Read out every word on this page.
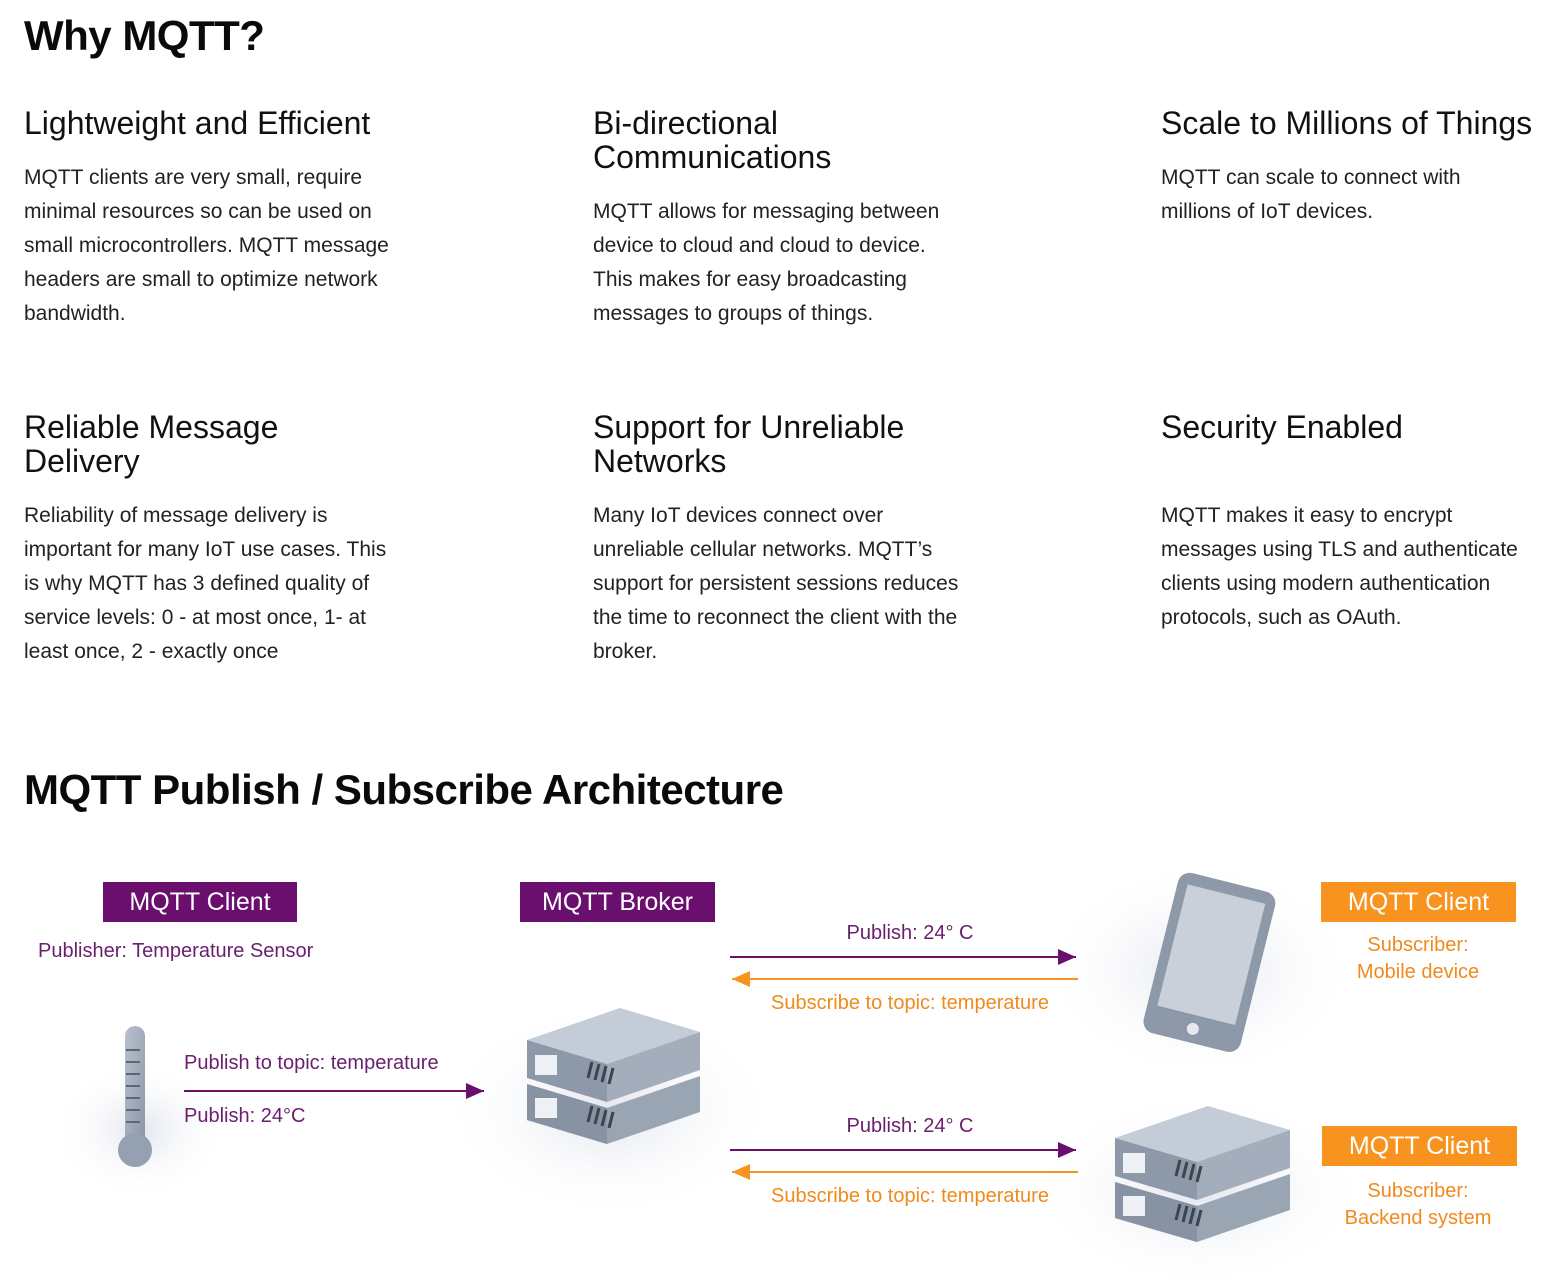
Why MQTT?
Lightweight and Efficient

MQTT clients are very small, require minimal resources so can be used on small microcontrollers. MQTT message headers are small to optimize network bandwidth.

Bi-directional Communications

MQTT allows for messaging between device to cloud and cloud to device. This makes for easy broadcasting messages to groups of things.

Scale to Millions of Things

MQTT can scale to connect with millions of IoT devices.

Reliable Message Delivery

Reliability of message delivery is important for many IoT use cases. This is why MQTT has 3 defined quality of service levels: 0 - at most once, 1- at least once, 2 - exactly once

Support for Unreliable Networks

Many IoT devices connect over unreliable cellular networks. MQTT’s support for persistent sessions reduces the time to reconnect the client with the broker.

Security Enabled

MQTT makes it easy to encrypt messages using TLS and authenticate clients using modern authentication protocols, such as OAuth.

MQTT Publish / Subscribe Architecture
MQTT Client
Publisher: Temperature Sensor
Publish to topic: temperature
Publish: 24°C
MQTT Broker
Publish: 24° C
Subscribe to topic: temperature
MQTT Client
Subscriber:
Mobile device
Publish: 24° C
Subscribe to topic: temperature
MQTT Client
Subscriber:
Backend system
